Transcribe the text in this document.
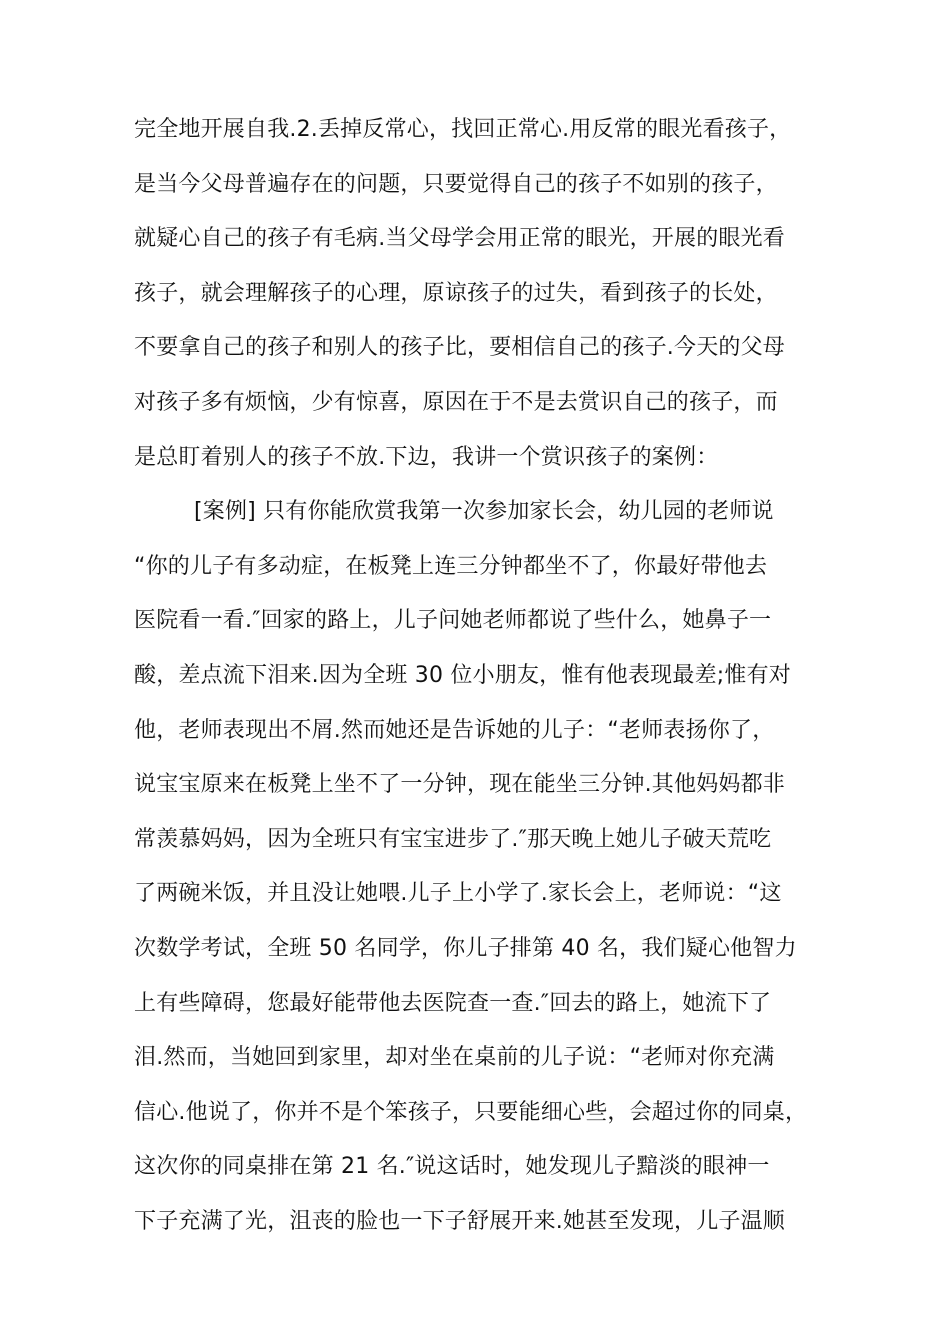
完全地开展自我.2.丢掉反常心，找回正常心.用反常的眼光看孩子，
是当今父母普遍存在的问题，只要觉得自己的孩子不如别的孩子，
就疑心自己的孩子有毛病.当父母学会用正常的眼光，开展的眼光看
孩子，就会理解孩子的心理，原谅孩子的过失，看到孩子的长处，
不要拿自己的孩子和别人的孩子比，要相信自己的孩子.今天的父母
对孩子多有烦恼，少有惊喜，原因在于不是去赏识自己的孩子，而
是总盯着别人的孩子不放.下边，我讲一个赏识孩子的案例：
[案例] 只有你能欣赏我第一次参加家长会，幼儿园的老师说
“你的儿子有多动症，在板凳上连三分钟都坐不了，你最好带他去
医院看一看.″回家的路上，儿子问她老师都说了些什么，她鼻子一
酸，差点流下泪来.因为全班 30 位小朋友，惟有他表现最差;惟有对
他，老师表现出不屑.然而她还是告诉她的儿子：“老师表扬你了，
说宝宝原来在板凳上坐不了一分钟，现在能坐三分钟.其他妈妈都非
常羡慕妈妈，因为全班只有宝宝进步了.″那天晚上她儿子破天荒吃
了两碗米饭，并且没让她喂.儿子上小学了.家长会上，老师说：“这
次数学考试，全班 50 名同学，你儿子排第 40 名，我们疑心他智力
上有些障碍，您最好能带他去医院查一查.″回去的路上，她流下了
泪.然而，当她回到家里，却对坐在桌前的儿子说：“老师对你充满
信心.他说了，你并不是个笨孩子，只要能细心些，会超过你的同桌，
这次你的同桌排在第 21 名.″说这话时，她发现儿子黯淡的眼神一
下子充满了光，沮丧的脸也一下子舒展开来.她甚至发现，儿子温顺
